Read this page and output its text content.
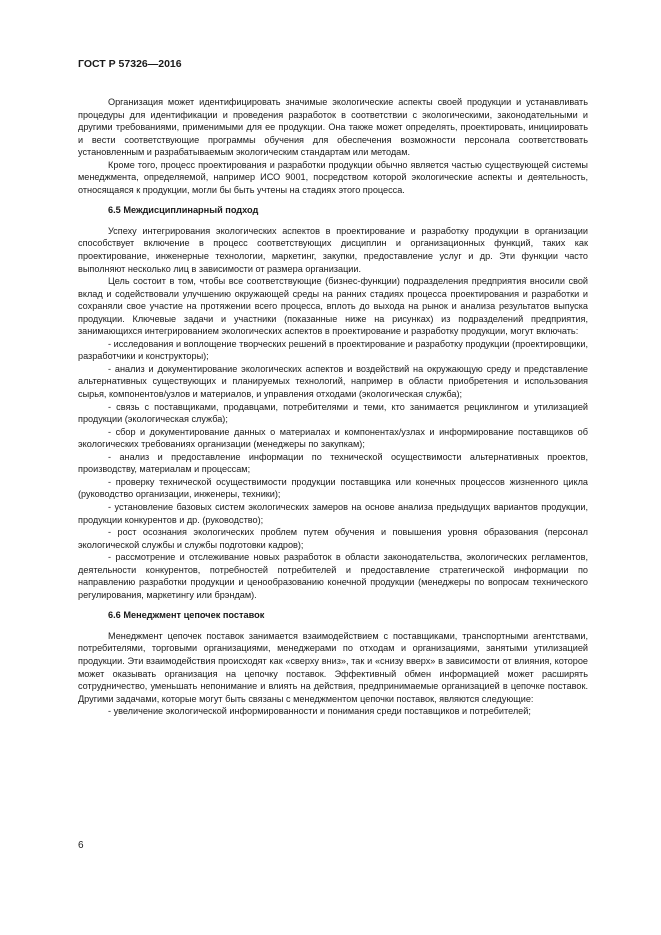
ГОСТ Р 57326—2016

Организация может идентифицировать значимые экологические аспекты своей продукции и устанавливать процедуры для идентификации и проведения разработок в соответствии с экологическими, законодательными и другими требованиями, применимыми для ее продукции. Она также может определять, проектировать, инициировать и вести соответствующие программы обучения для обеспечения возможности персонала соответствовать установленным и разрабатываемым экологическим стандартам или методам.

Кроме того, процесс проектирования и разработки продукции обычно является частью существующей системы менеджмента, определяемой, например ИСО 9001, посредством которой экологические аспекты и деятельность, относящаяся к продукции, могли бы быть учтены на стадиях этого процесса.

6.5 Междисциплинарный подход

Успеху интегрирования экологических аспектов в проектирование и разработку продукции в организации способствует включение в процесс соответствующих дисциплин и организационных функций, таких как проектирование, инженерные технологии, маркетинг, закупки, предоставление услуг и др. Эти функции часто выполняют несколько лиц в зависимости от размера организации.

Цель состоит в том, чтобы все соответствующие (бизнес-функции) подразделения предприятия вносили свой вклад и содействовали улучшению окружающей среды на ранних стадиях процесса проектирования и разработки и сохраняли свое участие на протяжении всего процесса, вплоть до выхода на рынок и анализа результатов выпуска продукции. Ключевые задачи и участники (показанные ниже на рисунках) из подразделений предприятия, занимающихся интегрированием экологических аспектов в проектирование и разработку продукции, могут включать:

- исследования и воплощение творческих решений в проектирование и разработку продукции (проектировщики, разработчики и конструкторы);

- анализ и документирование экологических аспектов и воздействий на окружающую среду и представление альтернативных существующих и планируемых технологий, например в области приобретения и использования сырья, компонентов/узлов и материалов, и управления отходами (экологическая служба);

- связь с поставщиками, продавцами, потребителями и теми, кто занимается рециклингом и утилизацией продукции (экологическая служба);

- сбор и документирование данных о материалах и компонентах/узлах и информирование поставщиков об экологических требованиях организации (менеджеры по закупкам);

- анализ и предоставление информации по технической осуществимости альтернативных проектов, производству, материалам и процессам;

- проверку технической осуществимости продукции поставщика или конечных процессов жизненного цикла (руководство организации, инженеры, техники);

- установление базовых систем экологических замеров на основе анализа предыдущих вариантов продукции, продукции конкурентов и др. (руководство);

- рост осознания экологических проблем путем обучения и повышения уровня образования (персонал экологической службы и службы подготовки кадров);

- рассмотрение и отслеживание новых разработок в области законодательства, экологических регламентов, деятельности конкурентов, потребностей потребителей и предоставление стратегической информации по направлению разработки продукции и ценообразованию конечной продукции (менеджеры по вопросам технического регулирования, маркетингу или брэндам).

6.6 Менеджмент цепочек поставок

Менеджмент цепочек поставок занимается взаимодействием с поставщиками, транспортными агентствами, потребителями, торговыми организациями, менеджерами по отходам и организациями, занятыми утилизацией продукции. Эти взаимодействия происходят как «сверху вниз», так и «снизу вверх» в зависимости от влияния, которое может оказывать организация на цепочку поставок. Эффективный обмен информацией может расширять сотрудничество, уменьшать непонимание и влиять на действия, предпринимаемые организацией в цепочке поставок. Другими задачами, которые могут быть связаны с менеджментом цепочки поставок, являются следующие:

- увеличение экологической информированности и понимания среди поставщиков и потребителей;

6
